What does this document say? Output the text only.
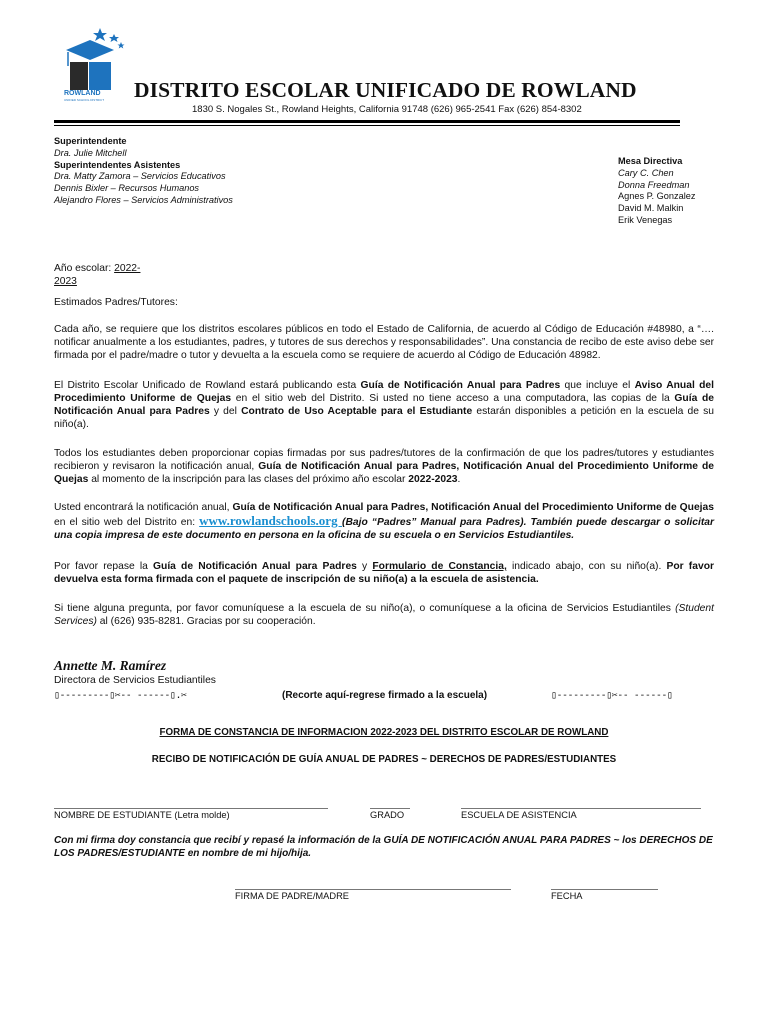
ROWLAND
UNIFIED SCHOOL DISTRICT DISTRITO ESCOLAR UNIFICADO DE ROWLAND
1830 S. Nogales St., Rowland Heights, California 91748 (626) 965-2541 Fax (626) 854-8302
Superintendente
Dra. Julie Mitchell
Superintendentes Asistentes
Dra. Matty Zamora – Servicios Educativos
Dennis Bixler – Recursos Humanos
Alejandro Flores – Servicios Administrativos
Mesa Directiva
Cary C. Chen
Donna Freedman
Agnes P. Gonzalez
David M. Malkin
Erik Venegas
Año escolar: 2022-
2023
Estimados Padres/Tutores:
Cada año, se requiere que los distritos escolares públicos en todo el Estado de California, de acuerdo al Código de Educación #48980, a “…. notificar anualmente a los estudiantes, padres, y tutores de sus derechos y responsabilidades”. Una constancia de recibo de este aviso debe ser firmada por el padre/madre o tutor y devuelta a la escuela como se requiere de acuerdo al Código de Educación 48982.
El Distrito Escolar Unificado de Rowland estará publicando esta Guía de Notificación Anual para Padres que incluye el Aviso Anual del Procedimiento Uniforme de Quejas en el sitio web del Distrito. Si usted no tiene acceso a una computadora, las copias de la Guía de Notificación Anual para Padres y del Contrato de Uso Aceptable para el Estudiante estarán disponibles a petición en la escuela de su niño(a).
Todos los estudiantes deben proporcionar copias firmadas por sus padres/tutores de la confirmación de que los padres/tutores y estudiantes recibieron y revisaron la notificación anual, Guía de Notificación Anual para Padres, Notificación Anual del Procedimiento Uniforme de Quejas al momento de la inscripción para las clases del próximo año escolar 2022-2023.
Usted encontrará la notificación anual, Guía de Notificación Anual para Padres, Notificación Anual del Procedimiento Uniforme de Quejas en el sitio web del Distrito en: www.rowlandschools.org (Bajo “Padres” Manual para Padres). También puede descargar o solicitar una copia impresa de este documento en persona en la oficina de su escuela o en Servicios Estudiantiles.
Por favor repase la Guía de Notificación Anual para Padres y Formulario de Constancia, indicado abajo, con su niño(a). Por favor devuelva esta forma firmada con el paquete de inscripción de su niño(a) a la escuela de asistencia.
Si tiene alguna pregunta, por favor comuníquese a la escuela de su niño(a), o comuníquese a la oficina de Servicios Estudiantiles (Student Services) al (626) 935-8281. Gracias por su cooperación.
Annette M. Ramírez
Directora de Servicios Estudiantiles
▯---------▯✂-- ------▯.✂	(Recorte aquí-regrese firmado a la escuela)	▯---------▯✂-- ------▯
FORMA DE CONSTANCIA DE INFORMACION 2022-2023 DEL DISTRITO ESCOLAR DE ROWLAND
RECIBO DE NOTIFICACIÓN DE GUÍA ANUAL DE PADRES ~ DERECHOS DE PADRES/ESTUDIANTES
NOMBRE DE ESTUDIANTE (Letra molde)	GRADO	ESCUELA DE ASISTENCIA
Con mi firma doy constancia que recibí y repasé la información de la GUÍA DE NOTIFICACIÓN ANUAL PARA PADRES ~ los DERECHOS DE LOS PADRES/ESTUDIANTE en nombre de mi hijo/hija.
FIRMA DE PADRE/MADRE	FECHA
